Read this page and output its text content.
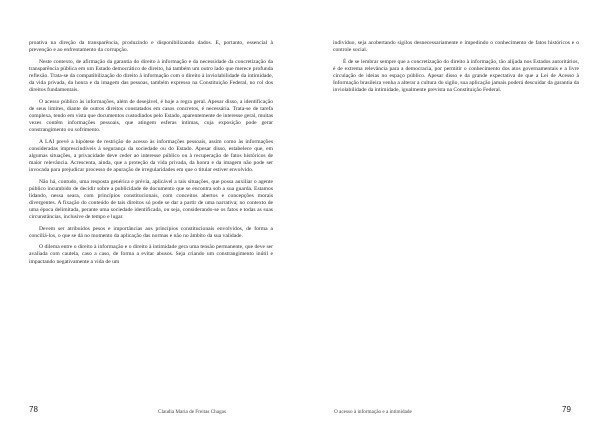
proativa na direção da transparência, produzindo e disponibilizando dados. E, portanto, essencial à prevenção e ao enfrentamento da corrupção.

Neste contexto, de afirmação da garantia do direito à informação e da necessidade da concretização da transparência pública em um Estado democrático de direito, há também um outro lado que merece profunda reflexão. Trata-se da compatibilização do direito à informação com o direito à inviolabilidade da intimidade, da vida privada, da honra e da imagem das pessoas, também expresso na Constituição Federal, no rol dos direitos fundamentais.

O acesso público às informações, além de desejável, é hoje a regra geral. Apesar disso, a identificação de seus limites, diante de outros direitos constatados em casos concretos, é necessária. Trata-se de tarefa complexa, tendo em vista que documentos custodiados pelo Estado, aparentemente de interesse geral, muitas vezes contêm informações pessoais, que atingem esferas íntimas, cuja exposição pode gerar constrangimento ou sofrimento.

A LAI prevê a hipótese de restrição de acesso às informações pessoais, assim como às informações consideradas imprescindíveis à segurança da sociedade ou do Estado. Apesar disso, estabelece que, em algumas situações, a privacidade deve ceder ao interesse público ou à recuperação de fatos históricos de maior relevância. Acrescenta, ainda, que a proteção da vida privada, da honra e da imagem não pode ser invocada para prejudicar processo de apuração de irregularidades em que o titular estiver envolvido.

Não há, contudo, uma resposta genérica e prévia, aplicável a tais situações, que possa auxiliar o agente público incumbido de decidir sobre a publicidade de documento que se encontra sob a sua guarda. Estamos lidando, nessa seara, com princípios constitucionais, com conceitos abertos e concepções morais divergentes. A fixação do conteúdo de tais direitos só pode se dar a partir de uma narrativa; no contexto de uma época delimitada, perante uma sociedade identificada, ou seja, considerando-se os fatos e todas as suas circunstâncias, inclusive de tempo e lugar.

Devem ser atribuídos pesos e importâncias aos princípios constitucionais envolvidos, de forma a conciliá-los, o que se dá no momento da aplicação das normas e não no âmbito da sua validade.

O dilema entre o direito à informação e o direito à intimidade gera uma tensão permanente, que deve ser avaliada com cautela, caso a caso, de forma a evitar abusos. Seja criando um constrangimento inútil e impactando negativamente a vida de um

78	Claudia Maria de Freitas Chagas

indivíduo, seja acobertando sigilos desnecessariamente e impedindo o conhecimento de fatos históricos e o controle social.

É de se lembrar sempre que a concretização do direito à informação, tão alijada nos Estados autoritários, é de extrema relevância para a democracia, por permitir o conhecimento dos atos governamentais e a livre circulação de ideias no espaço público. Apesar disso e da grande expectativa de que a Lei de Acesso à Informação brasileira venha a alterar a cultura do sigilo, sua aplicação jamais poderá descuidar da garantia da inviolabilidade da intimidade, igualmente prevista na Constituição Federal.

O acesso à informação e a intimidade	79
